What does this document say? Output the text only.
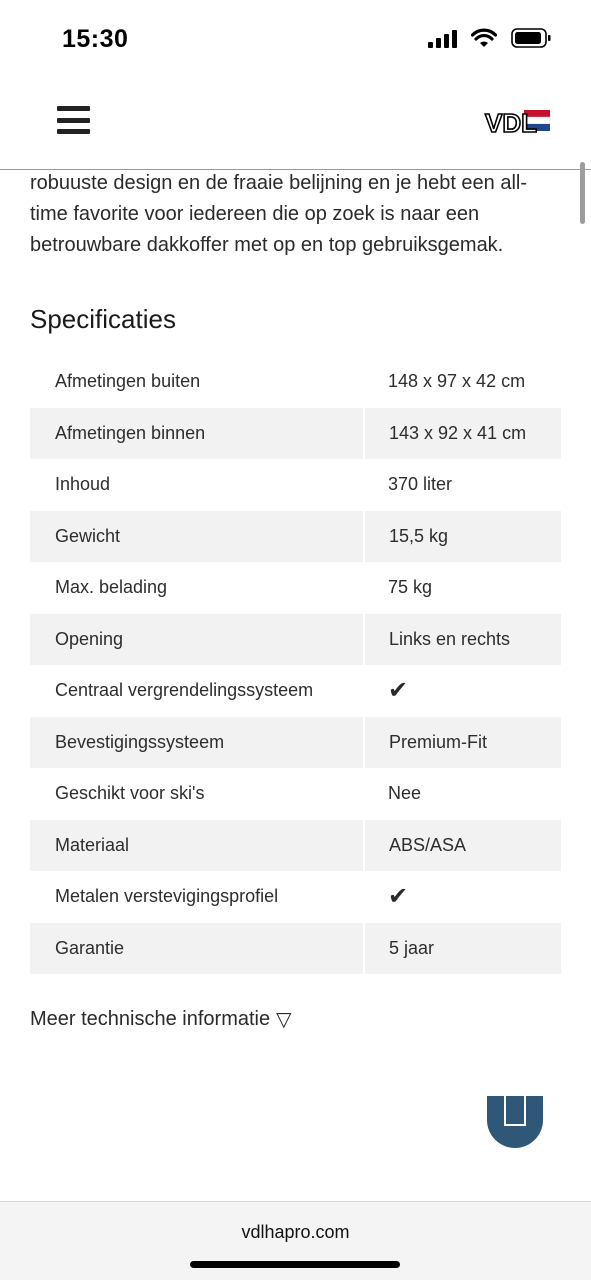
15:30
VDL

robuuste design en de fraaie belijning en je hebt een all-time favorite voor iedereen die op zoek is naar een betrouwbare dakkoffer met op en top gebruiksgemak.

Specificaties
Afmetingen buiten	148 x 97 x 42 cm
Afmetingen binnen	143 x 92 x 41 cm
Inhoud	370 liter
Gewicht	15,5 kg
Max. belading	75 kg
Opening	Links en rechts
Centraal vergrendelingssysteem	✔
Bevestigingssysteem	Premium-Fit
Geschikt voor ski's	Nee
Materiaal	ABS/ASA
Metalen verstevigingsprofiel	✔
Garantie	5 jaar
Meer technische informatie ▽
vdlhapro.com
